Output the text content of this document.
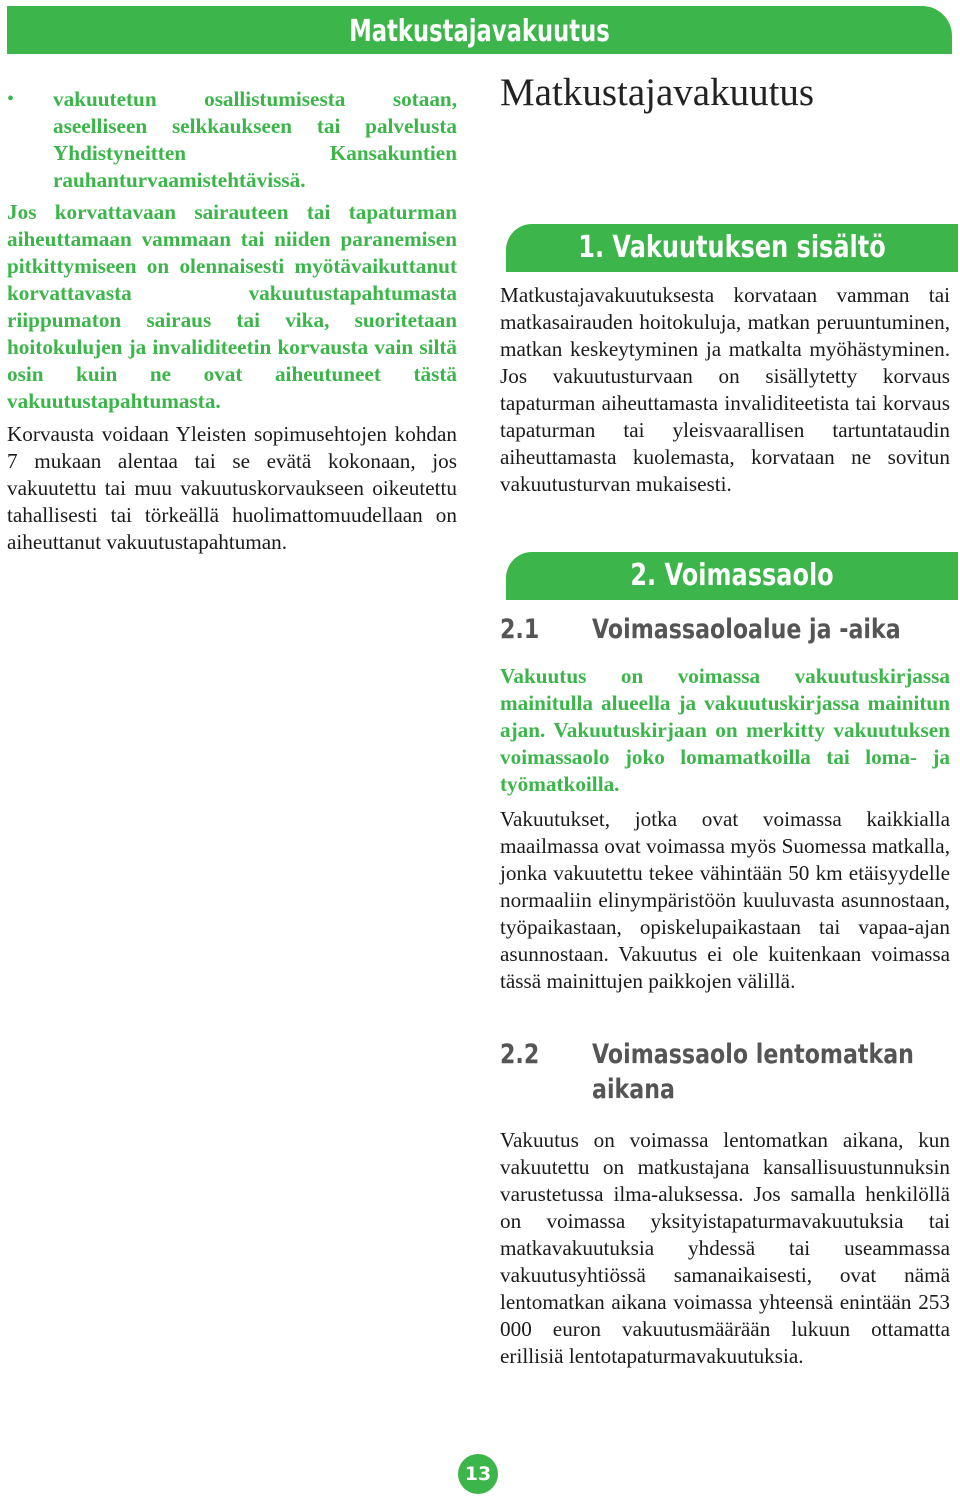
Matkustajavakuutus
•	vakuutetun osallistumisesta sotaan, aseelliseen selkkaukseen tai palvelusta Yhdistyneitten Kansakuntien rauhanturvaamistehtävissä.

Jos korvattavaan sairauteen tai tapaturman aiheuttamaan vammaan tai niiden paranemisen pitkittymiseen on olennaisesti myötävaikuttanut korvattavasta vakuutustapahtumasta riippumaton sairaus tai vika, suoritetaan hoitokulujen ja invaliditeetin korvausta vain siltä osin kuin ne ovat aiheutuneet tästä vakuutustapahtumasta.

Korvausta voidaan Yleisten sopimusehtojen kohdan 7 mukaan alentaa tai se evätä kokonaan, jos vakuutettu tai muu vakuutuskorvaukseen oikeutettu tahallisesti tai törkeällä huolimattomuudellaan on aiheuttanut vakuutustapahtuman.

Matkustajavakuutus
1. Vakuutuksen sisältö

Matkustajavakuutuksesta korvataan vamman tai matkasairauden hoitokuluja, matkan peruuntuminen, matkan keskeytyminen ja matkalta myöhästyminen. Jos vakuutusturvaan on sisällytetty korvaus tapaturman aiheuttamasta invaliditeetista tai korvaus tapaturman tai yleisvaarallisen tartuntataudin aiheuttamasta kuolemasta, korvataan ne sovitun vakuutusturvan mukaisesti.

2. Voimassaolo
2.1	Voimassaoloalue ja -aika

Vakuutus on voimassa vakuutuskirjassa mainitulla alueella ja vakuutuskirjassa mainitun ajan. Vakuutuskirjaan on merkitty vakuutuksen voimassaolo joko lomamatkoilla tai loma- ja työmatkoilla.

Vakuutukset, jotka ovat voimassa kaikkialla maailmassa ovat voimassa myös Suomessa matkalla, jonka vakuutettu tekee vähintään 50 km etäisyydelle normaaliin elinympäristöön kuuluvasta asunnostaan, työpaikastaan, opiskelupaikastaan tai vapaa-ajan asunnostaan. Vakuutus ei ole kuitenkaan voimassa tässä mainittujen paikkojen välillä.

2.2	Voimassaolo lentomatkan
aikana

Vakuutus on voimassa lentomatkan aikana, kun vakuutettu on matkustajana kansallisuustunnuksin varustetussa ilma-aluksessa. Jos samalla henkilöllä on voimassa yksityistapaturmavakuutuksia tai matkavakuutuksia yhdessä tai useammassa vakuutusyhtiössä samanaikaisesti, ovat nämä lentomatkan aikana voimassa yhteensä enintään 253 000 euron vakuutusmäärään lukuun ottamatta erillisiä lentotapaturmavakuutuksia.

13
